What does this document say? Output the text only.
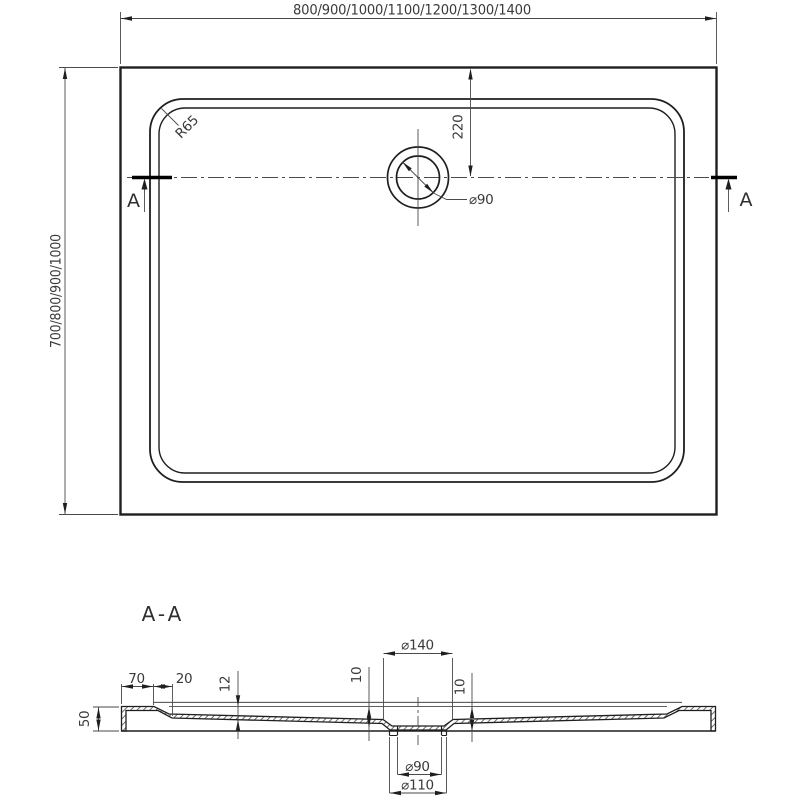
800/900/1000/1100/1200/1300/1400
700/800/900/1000
R65	220
⌀90
A	A
A-A
50
70 20 12
10
⌀140
10
⌀90
⌀110
